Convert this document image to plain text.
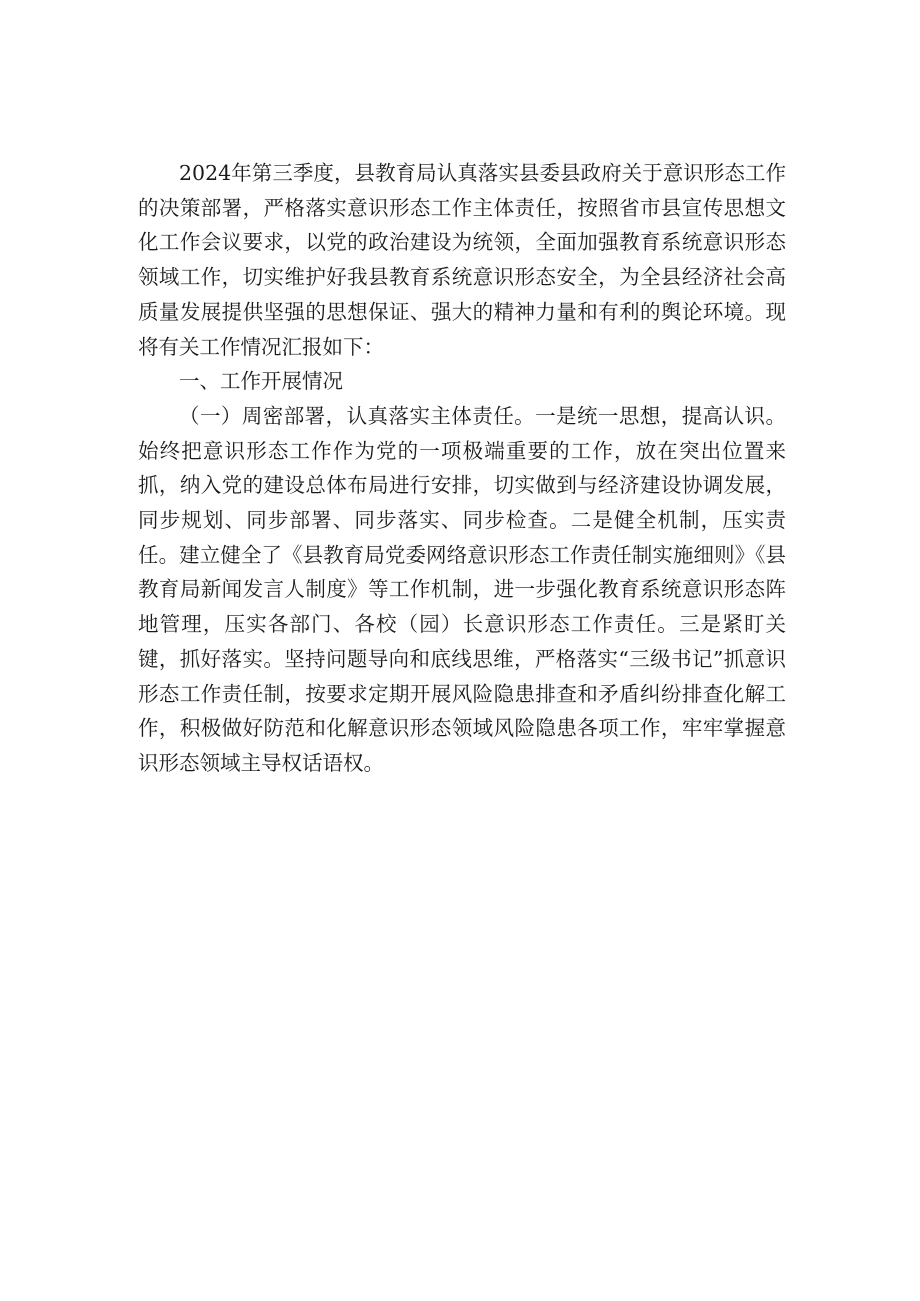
2024年第三季度，县教育局认真落实县委县政府关于意识形态工作的决策部署，严格落实意识形态工作主体责任，按照省市县宣传思想文化工作会议要求，以党的政治建设为统领，全面加强教育系统意识形态领域工作，切实维护好我县教育系统意识形态安全，为全县经济社会高质量发展提供坚强的思想保证、强大的精神力量和有利的舆论环境。现将有关工作情况汇报如下：

一、工作开展情况

（一）周密部署，认真落实主体责任。一是统一思想，提高认识。始终把意识形态工作作为党的一项极端重要的工作，放在突出位置来抓，纳入党的建设总体布局进行安排，切实做到与经济建设协调发展，同步规划、同步部署、同步落实、同步检查。二是健全机制，压实责任。建立健全了《县教育局党委网络意识形态工作责任制实施细则》《县教育局新闻发言人制度》等工作机制，进一步强化教育系统意识形态阵地管理，压实各部门、各校（园）长意识形态工作责任。三是紧盯关键，抓好落实。坚持问题导向和底线思维，严格落实“三级书记”抓意识形态工作责任制，按要求定期开展风险隐患排查和矛盾纠纷排查化解工作，积极做好防范和化解意识形态领域风险隐患各项工作，牢牢掌握意识形态领域主导权话语权。
